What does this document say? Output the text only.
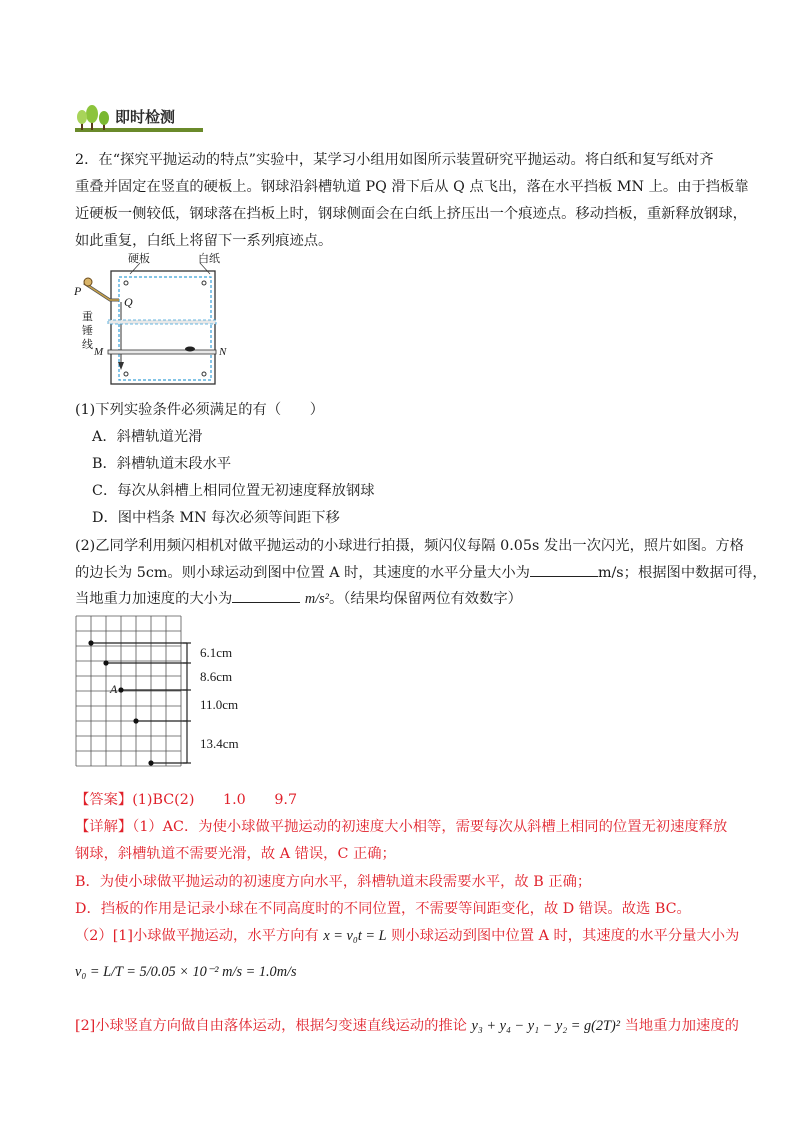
即时检测
2．在“探究平抛运动的特点”实验中，某学习小组用如图所示装置研究平抛运动。将白纸和复写纸对齐
重叠并固定在竖直的硬板上。钢球沿斜槽轨道 PQ 滑下后从 Q 点飞出，落在水平挡板 MN 上。由于挡板靠
近硬板一侧较低，钢球落在挡板上时，钢球侧面会在白纸上挤压出一个痕迹点。移动挡板，重新释放钢球，
如此重复，白纸上将留下一系列痕迹点。
硬板	白纸
P
Q
重
锤
线
M	N
(1)下列实验条件必须满足的有（　　）
A．斜槽轨道光滑
B．斜槽轨道末段水平
C．每次从斜槽上相同位置无初速度释放钢球
D．图中档条 MN 每次必须等间距下移
(2)乙同学利用频闪相机对做平抛运动的小球进行拍摄，频闪仪每隔 0.05s 发出一次闪光，照片如图。方格
的边长为 5cm。则小球运动到图中位置 A 时，其速度的水平分量大小为	m/s；根据图中数据可得，
当地重力加速度的大小为	m/s²。（结果均保留两位有效数字）
A
6.1cm
8.6cm
11.0cm
13.4cm
【答案】(1)BC(2)　　1.0　　9.7
【详解】（1）AC．为使小球做平抛运动的初速度大小相等，需要每次从斜槽上相同的位置无初速度释放
钢球，斜槽轨道不需要光滑，故 A 错误，C 正确；
B．为使小球做平抛运动的初速度方向水平，斜槽轨道末段需要水平，故 B 正确；
D．挡板的作用是记录小球在不同高度时的不同位置，不需要等间距变化，故 D 错误。故选 BC。
（2）[1]小球做平抛运动，水平方向有 x = v₀t = L 则小球运动到图中位置 A 时，其速度的水平分量大小为
v₀ = L/T = 5/0.05 × 10⁻² m/s = 1.0m/s
[2]小球竖直方向做自由落体运动，根据匀变速直线运动的推论 y₃ + y₄ − y₁ − y₂ = g(2T)² 当地重力加速度的
